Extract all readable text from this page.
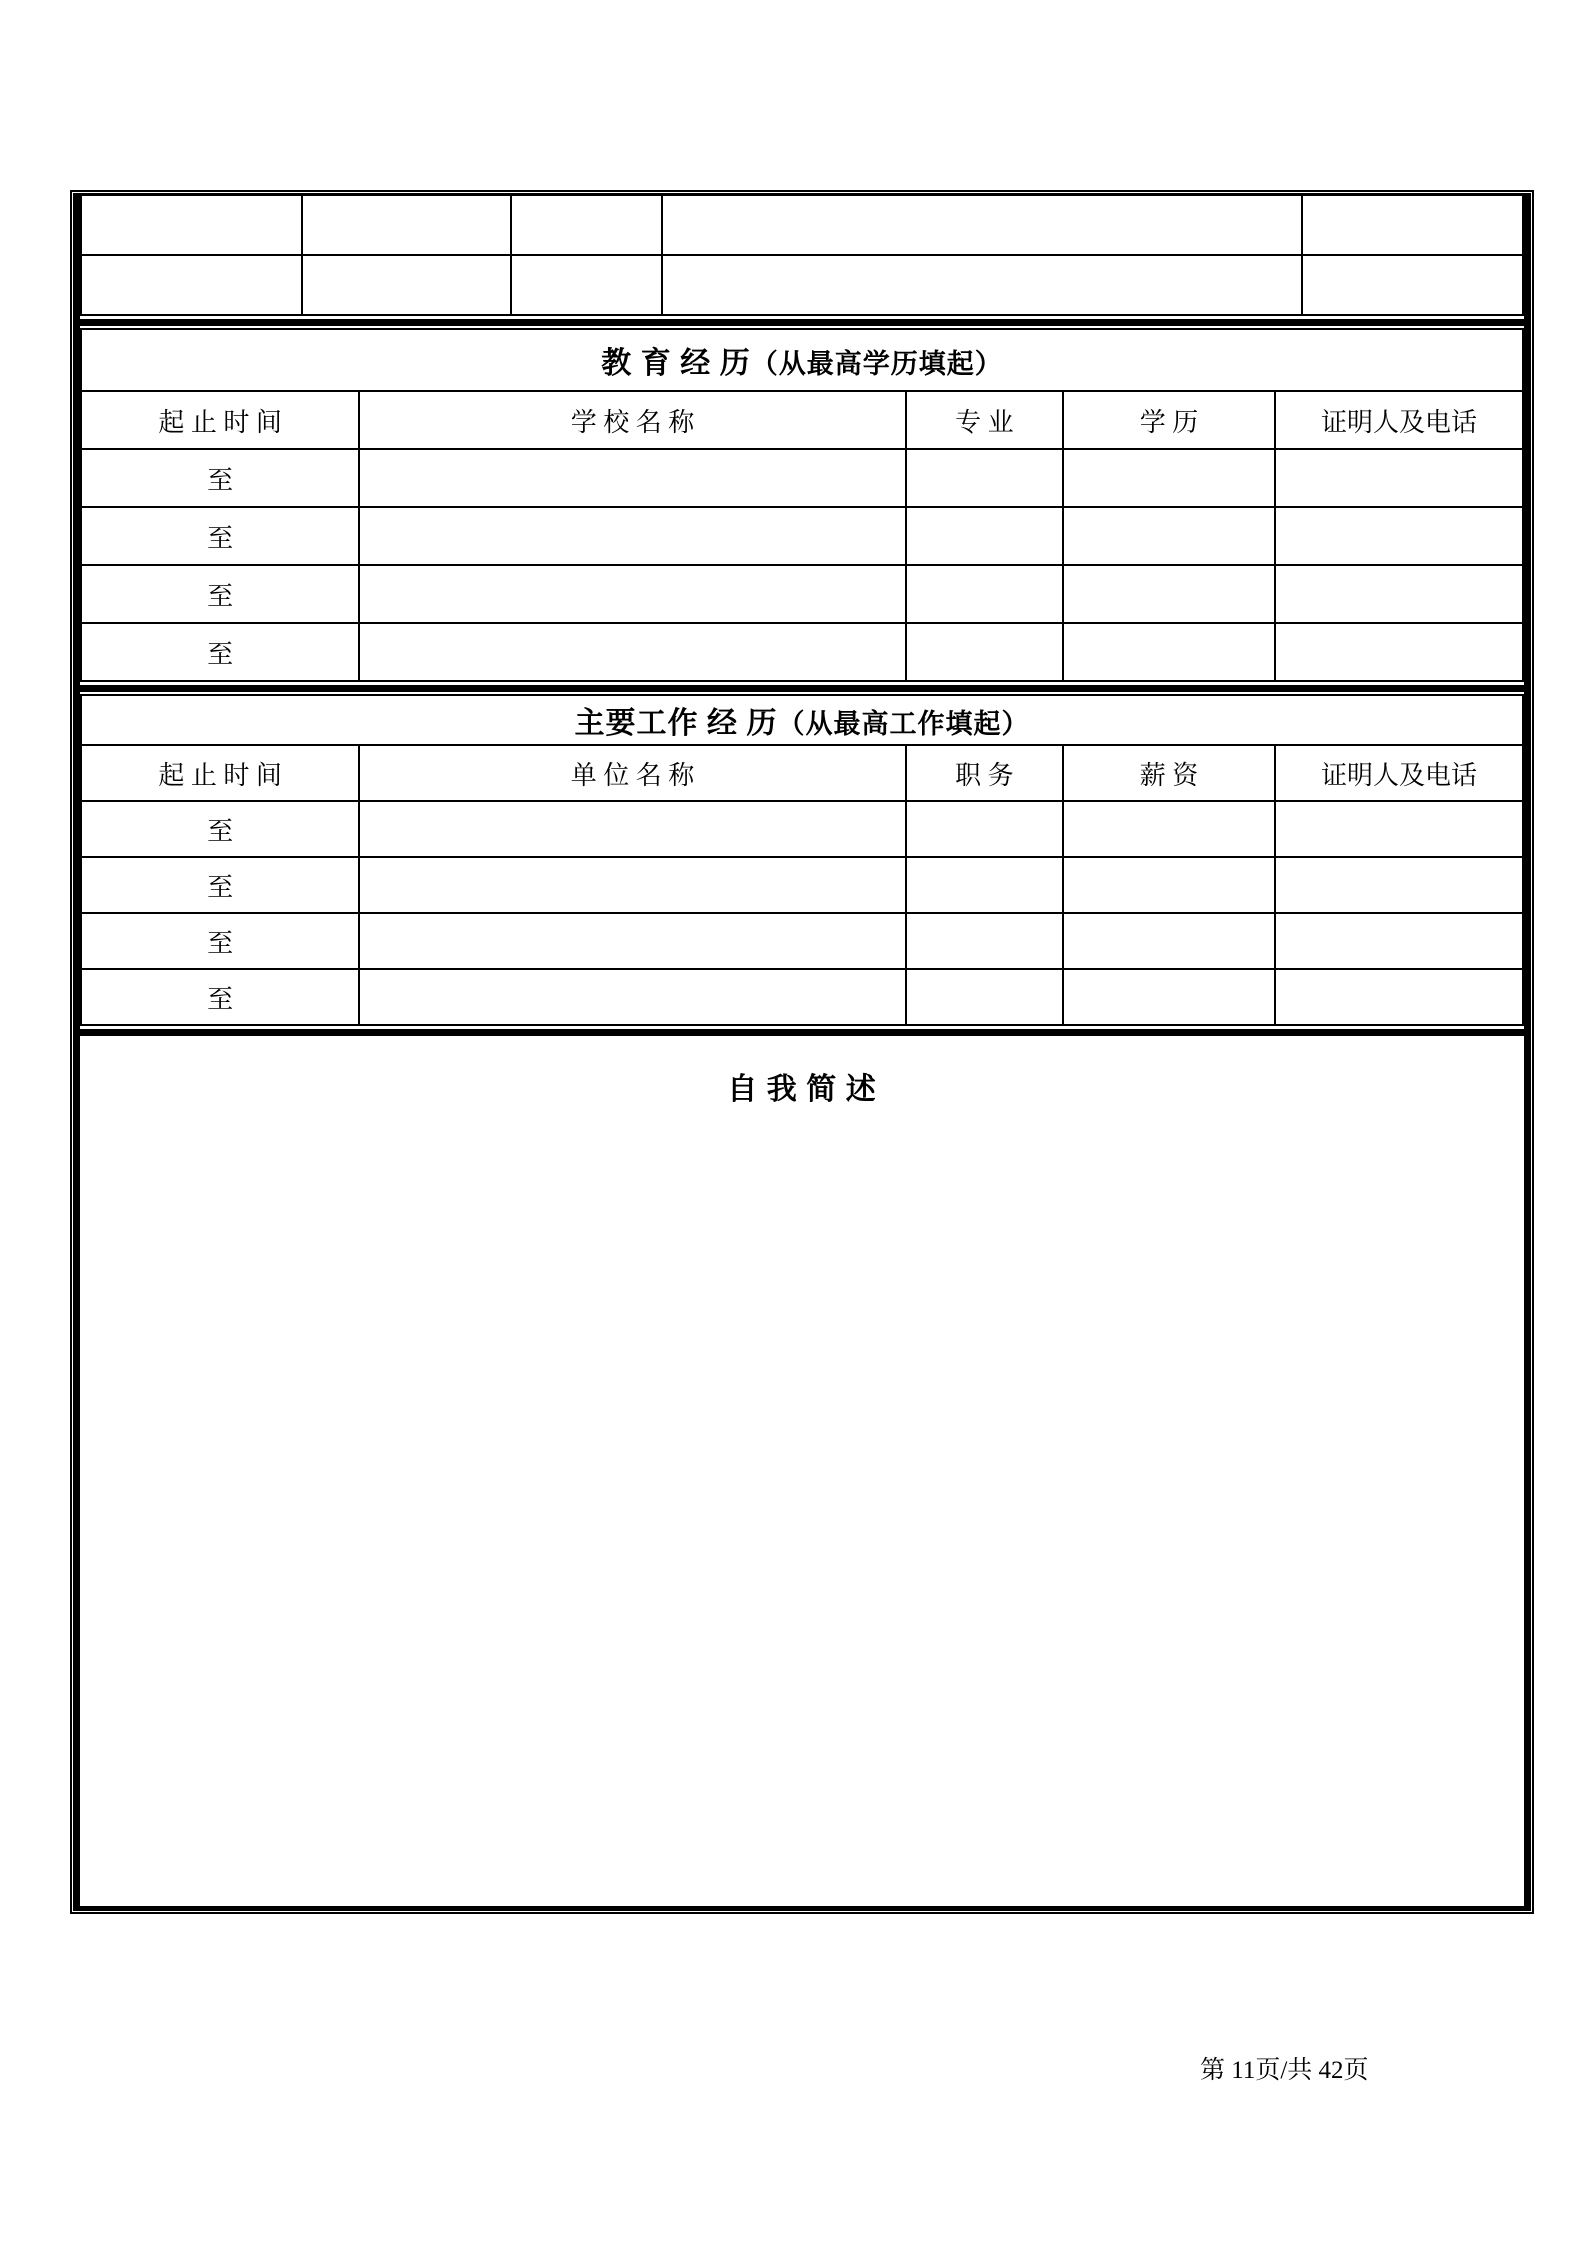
教 育 经 历（从最高学历填起）				
起 止 时 间	学 校 名 称	专 业	学 历	证明人及电话
至				
至				
至				
至				
主要工作 经 历（从最高工作填起）				
起 止 时 间	单 位 名 称	职 务	薪 资	证明人及电话
至				
至				
至				
至				
自 我 简 述
第 11页/共 42页
